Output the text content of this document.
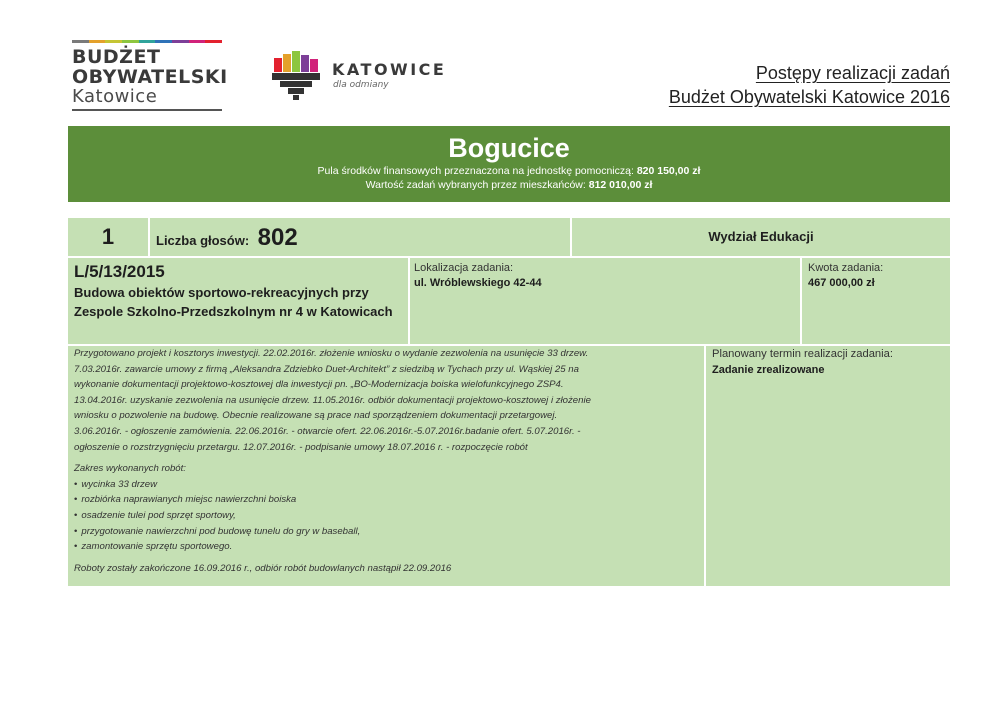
BUDŻET
OBYWATELSKI
Katowice
KATOWICE
dla odmiany
Postępy realizacji zadań
Budżet Obywatelski Katowice 2016
Bogucice
Pula środków finansowych przeznaczona na jednostkę pomocniczą: 820 150,00 zł
Wartość zadań wybranych przez mieszkańców: 812 010,00 zł
1	Liczba głosów: 802	Wydział Edukacji
L/5/13/2015
Budowa obiektów sportowo-rekreacyjnych przy Zespole Szkolno-Przedszkolnym nr 4 w Katowicach
Lokalizacja zadania:
ul. Wróblewskiego 42-44
Kwota zadania:
467 000,00 zł

Przygotowano projekt i kosztorys inwestycji. 22.02.2016r. złożenie wniosku o wydanie zezwolenia na usunięcie 33 drzew.

7.03.2016r. zawarcie umowy z firmą „Aleksandra Zdziebko Duet-Architekt” z siedzibą w Tychach przy ul. Wąskiej 25 na

wykonanie dokumentacji projektowo-kosztowej dla inwestycji pn. „BO-Modernizacja boiska wielofunkcyjnego ZSP4.

13.04.2016r. uzyskanie zezwolenia na usunięcie drzew. 11.05.2016r. odbiór dokumentacji projektowo-kosztowej i złożenie

wniosku o pozwolenie na budowę. Obecnie realizowane są prace nad sporządzeniem dokumentacji przetargowej.

3.06.2016r. - ogłoszenie zamówienia. 22.06.2016r. - otwarcie ofert. 22.06.2016r.-5.07.2016r.badanie ofert. 5.07.2016r. -

ogłoszenie o rozstrzygnięciu przetargu. 12.07.2016r. - podpisanie umowy 18.07.2016 r. - rozpoczęcie robót

Zakres wykonanych robót:

• wycinka 33 drzew
• rozbiórka naprawianych miejsc nawierzchni boiska
• osadzenie tulei pod sprzęt sportowy,
• przygotowanie nawierzchni pod budowę tunelu do gry w baseball,
• zamontowanie sprzętu sportowego.

Roboty zostały zakończone 16.09.2016 r., odbiór robót budowlanych nastąpił 22.09.2016

Planowany termin realizacji zadania:
Zadanie zrealizowane
